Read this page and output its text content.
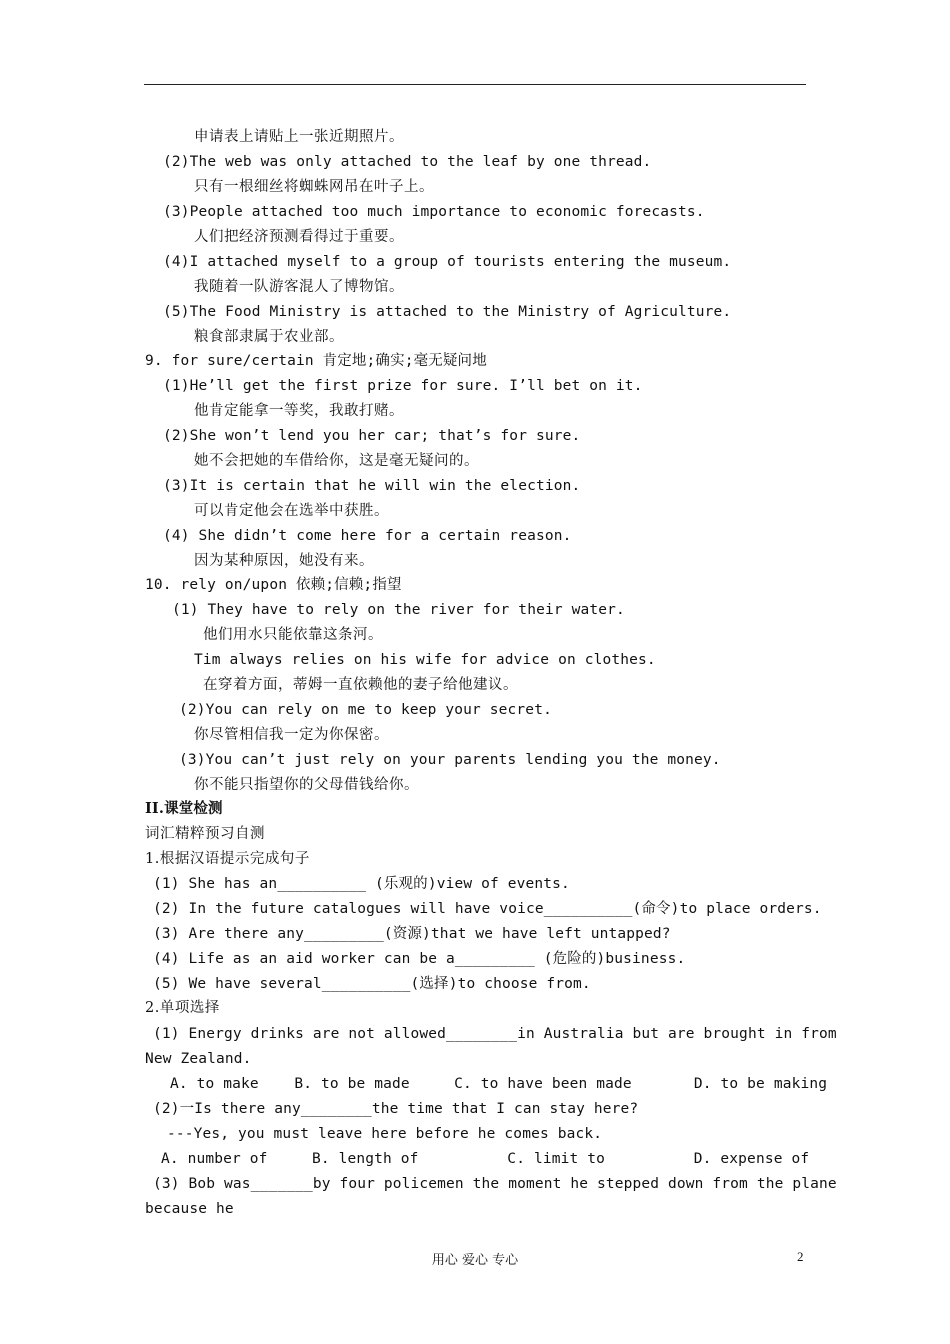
申请表上请贴上一张近期照片。
(2)The web was only attached to the leaf by one thread.
只有一根细丝将蜘蛛网吊在叶子上。
(3)People attached too much importance to economic forecasts.
人们把经济预测看得过于重要。
(4)I attached myself to a group of tourists entering the museum.
我随着一队游客混人了博物馆。
(5)The Food Ministry is attached to the Ministry of Agriculture.
粮食部隶属于农业部。
9. for sure/certain 肯定地;确实;毫无疑问地
(1)He’ll get the first prize for sure. I’ll bet on it.
他肯定能拿一等奖，我敢打赌。
(2)She won’t lend you her car; that’s for sure.
她不会把她的车借给你，这是毫无疑问的。
(3)It is certain that he will win the election.
可以肯定他会在选举中获胜。
(4) She didn’t come here for a certain reason.
因为某种原因，她没有来。
10. rely on/upon 依赖;信赖;指望
(1) They have to rely on the river for their water.
他们用水只能依靠这条河。
Tim always relies on his wife for advice on clothes.
在穿着方面，蒂姆一直依赖他的妻子给他建议。
(2)You can rely on me to keep your secret.
你尽管相信我一定为你保密。
(3)You can’t just rely on your parents lending you the money.
你不能只指望你的父母借钱给你。
II.课堂检测
词汇精粹预习自测
1.根据汉语提示完成句子
(1) She has an__________ (乐观的)view of events.
(2) In the future catalogues will have voice__________(命令)to place orders.
(3) Are there any_________(资源)that we have left untapped?
(4) Life as an aid worker can be a_________ (危险的)business.
(5) We have several__________(选择)to choose from.
2.单项选择
(1) Energy drinks are not allowed________in Australia but are brought in from
New Zealand.
A. to make    B. to be made     C. to have been made       D. to be making
(2)一Is there any________the time that I can stay here?
---Yes, you must leave here before he comes back.
A. number of     B. length of          C. limit to          D. expense of
(3) Bob was_______by four policemen the moment he stepped down from the plane
because he
用心 爱心 专心	2
